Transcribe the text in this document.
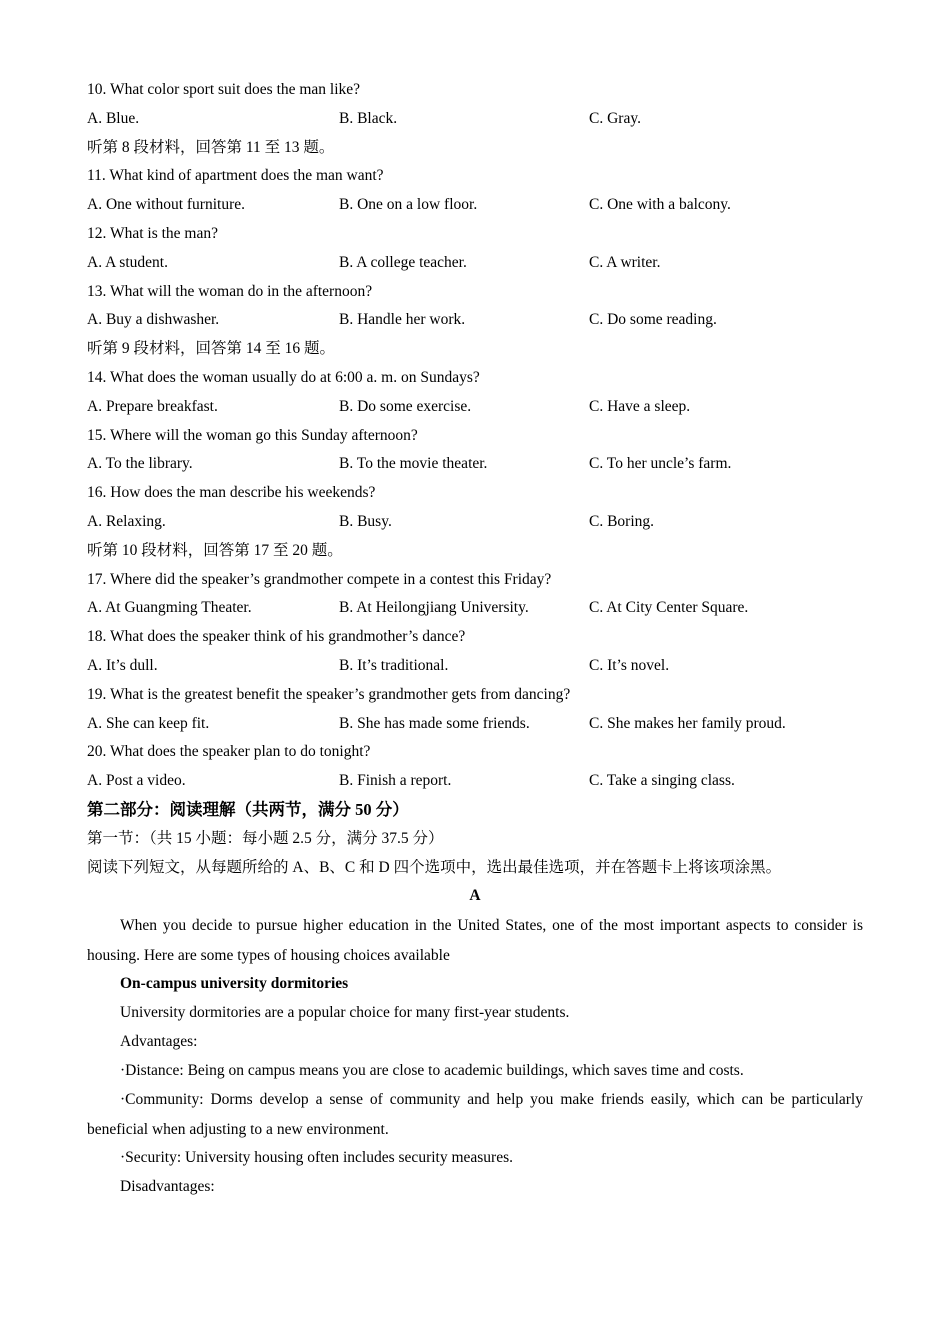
10. What color sport suit does the man like?
A. Blue.	B. Black.	C. Gray.
听第 8 段材料，回答第 11 至 13 题。
11. What kind of apartment does the man want?
A. One without furniture.	B. One on a low floor.	C. One with a balcony.
12. What is the man?
A. A student.	B. A college teacher.	C. A writer.
13. What will the woman do in the afternoon?
A. Buy a dishwasher.	B. Handle her work.	C. Do some reading.
听第 9 段材料，回答第 14 至 16 题。
14. What does the woman usually do at 6:00 a. m. on Sundays?
A. Prepare breakfast.	B. Do some exercise.	C. Have a sleep.
15. Where will the woman go this Sunday afternoon?
A. To the library.	B. To the movie theater.	C. To her uncle’s farm.
16. How does the man describe his weekends?
A. Relaxing.	B. Busy.	C. Boring.
听第 10 段材料，回答第 17 至 20 题。
17. Where did the speaker’s grandmother compete in a contest this Friday?
A. At Guangming Theater.	B. At Heilongjiang University.	C. At City Center Square.
18. What does the speaker think of his grandmother’s dance?
A. It’s dull.	B. It’s traditional.	C. It’s novel.
19. What is the greatest benefit the speaker’s grandmother gets from dancing?
A. She can keep fit.	B. She has made some friends.	C. She makes her family proud.
20. What does the speaker plan to do tonight?
A. Post a video.	B. Finish a report.	C. Take a singing class.
第二部分：阅读理解（共两节，满分 50 分）
第一节：（共 15 小题：每小题 2.5 分，满分 37.5 分）
阅读下列短文，从每题所给的 A、B、C 和 D 四个选项中，选出最佳选项，并在答题卡上将该项涂黑。
A

When you decide to pursue higher education in the United States, one of the most important aspects to consider is housing. Here are some types of housing choices available

On-campus university dormitories
University dormitories are a popular choice for many first-year students.
Advantages:
·Distance: Being on campus means you are close to academic buildings, which saves time and costs.

·Community: Dorms develop a sense of community and help you make friends easily, which can be particularly beneficial when adjusting to a new environment.

·Security: University housing often includes security measures.
Disadvantages:
